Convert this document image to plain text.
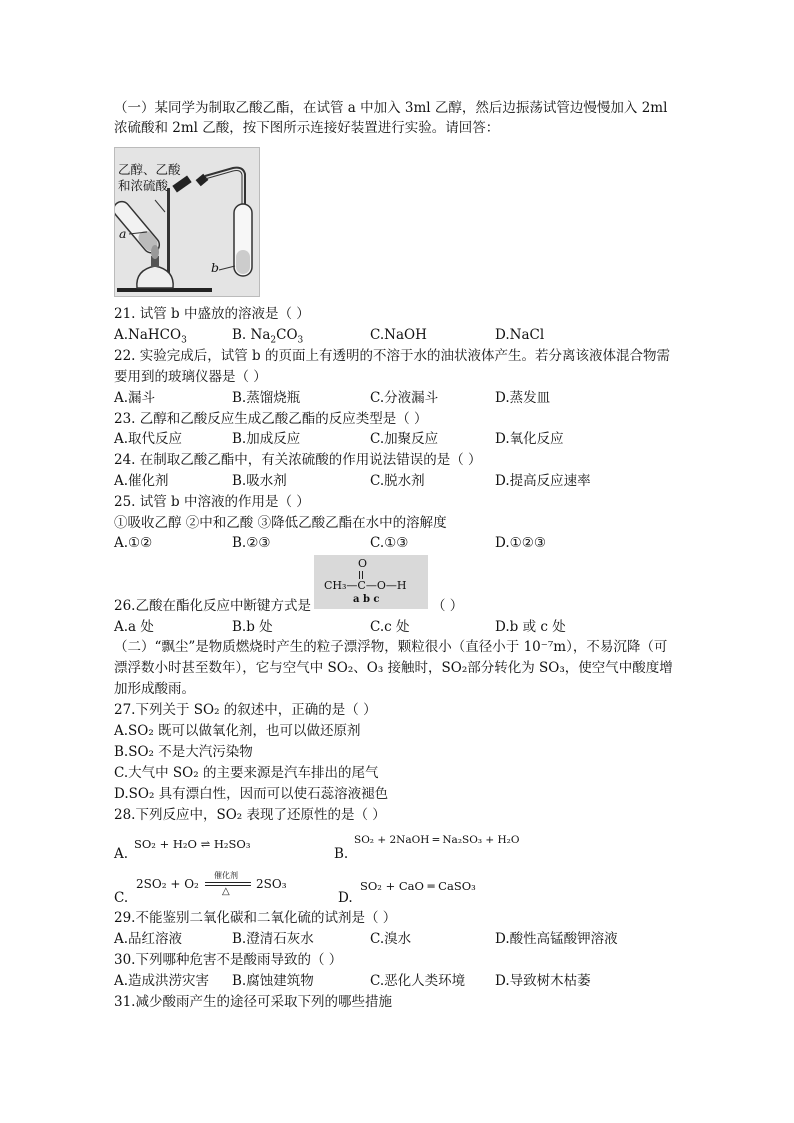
（一）某同学为制取乙酸乙酯，在试管 a 中加入 3ml 乙醇，然后边振荡试管边慢慢加入 2ml
浓硫酸和 2ml 乙酸，按下图所示连接好装置进行实验。请回答：
乙醇、乙酸
和浓硫酸
a
b
21. 试管 b 中盛放的溶液是（ ）
A.NaHCO$_3$	B. $Na_2CO_3$	C.NaOH	D.NaCl
22. 实验完成后，试管 b 的页面上有透明的不溶于水的油状液体产生。若分离该液体混合物需
要用到的玻璃仪器是（ ）
A.漏斗	B.蒸馏烧瓶	C.分液漏斗	D.蒸发皿
23. 乙醇和乙酸反应生成乙酸乙酯的反应类型是（ ）
A.取代反应	B.加成反应	C.加聚反应	D.氧化反应
24. 在制取乙酸乙酯中，有关浓硫酸的作用说法错误的是（ ）
A.催化剂	B.吸水剂	C.脱水剂	D.提高反应速率
25. 试管 b 中溶液的作用是（ ）
①吸收乙醇 ②中和乙酸 ③降低乙酸乙酯在水中的溶解度
A.①②	B.②③	C.①③	D.①②③
O
CH₃—C—O—H
a b c
26.乙酸在酯化反应中断键方式是	（ ）
A.a 处	B.b 处	C.c 处	D.b 或 c 处
（二）“飘尘”是物质燃烧时产生的粒子漂浮物，颗粒很小（直径小于 10⁻⁷m），不易沉降（可
漂浮数小时甚至数年），它与空气中 SO₂、O₃ 接触时，SO₂部分转化为 SO₃，使空气中酸度增
加形成酸雨。
27.下列关于 SO₂ 的叙述中，正确的是（ ）
A.SO₂ 既可以做氧化剂，也可以做还原剂
B.SO₂ 不是大汽污染物
C.大气中 SO₂ 的主要来源是汽车排出的尾气
D.SO₂ 具有漂白性，因而可以使石蕊溶液褪色
28.下列反应中，SO₂ 表现了还原性的是（ ）
A.
SO₂ + H₂O ⇌ H₂SO₃
B.
SO₂ + 2NaOH ═ Na₂SO₃ + H₂O
C.
2SO₂ + O₂
催化剂
△
2SO₃
D.
SO₂ + CaO ═ CaSO₃
29.不能鉴别二氧化碳和二氧化硫的试剂是（ ）
A.品红溶液	B.澄清石灰水	C.溴水	D.酸性高锰酸钾溶液
30.下列哪种危害不是酸雨导致的（ ）
A.造成洪涝灾害 B.腐蚀建筑物	C.恶化人类环境 D.导致树木枯萎
31.减少酸雨产生的途径可采取下列的哪些措施
